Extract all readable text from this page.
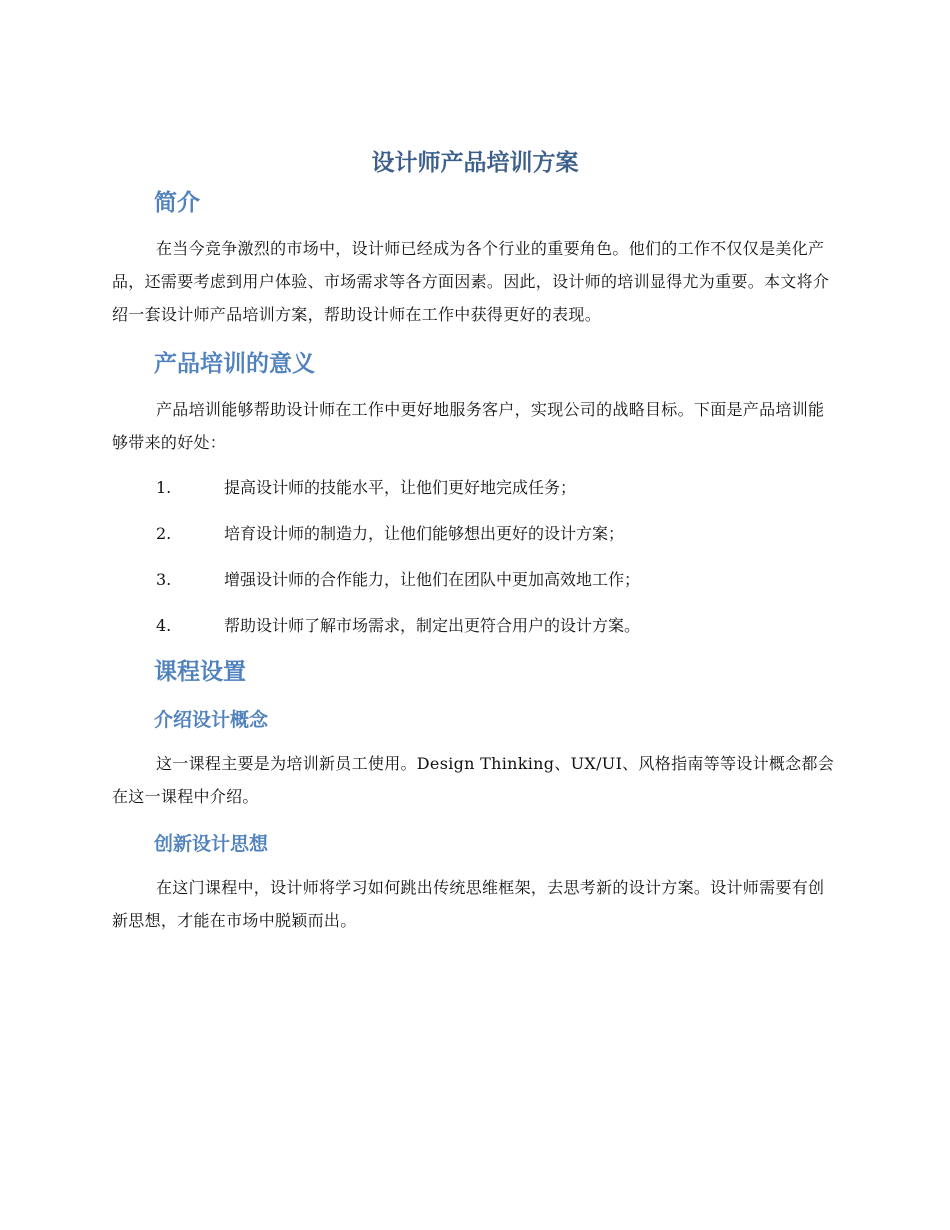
设计师产品培训方案
简介

在当今竞争激烈的市场中，设计师已经成为各个行业的重要角色。他们的工作不仅仅是美化产品，还需要考虑到用户体验、市场需求等各方面因素。因此，设计师的培训显得尤为重要。本文将介绍一套设计师产品培训方案，帮助设计师在工作中获得更好的表现。

产品培训的意义

产品培训能够帮助设计师在工作中更好地服务客户，实现公司的战略目标。下面是产品培训能够带来的好处：

1.	提高设计师的技能水平，让他们更好地完成任务；
2.	培育设计师的制造力，让他们能够想出更好的设计方案；
3.	增强设计师的合作能力，让他们在团队中更加高效地工作；
4.	帮助设计师了解市场需求，制定出更符合用户的设计方案。
课程设置
介绍设计概念

这一课程主要是为培训新员工使用。Design Thinking、UX/UI、风格指南等等设计概念都会在这一课程中介绍。

创新设计思想

在这门课程中，设计师将学习如何跳出传统思维框架，去思考新的设计方案。设计师需要有创新思想，才能在市场中脱颖而出。
